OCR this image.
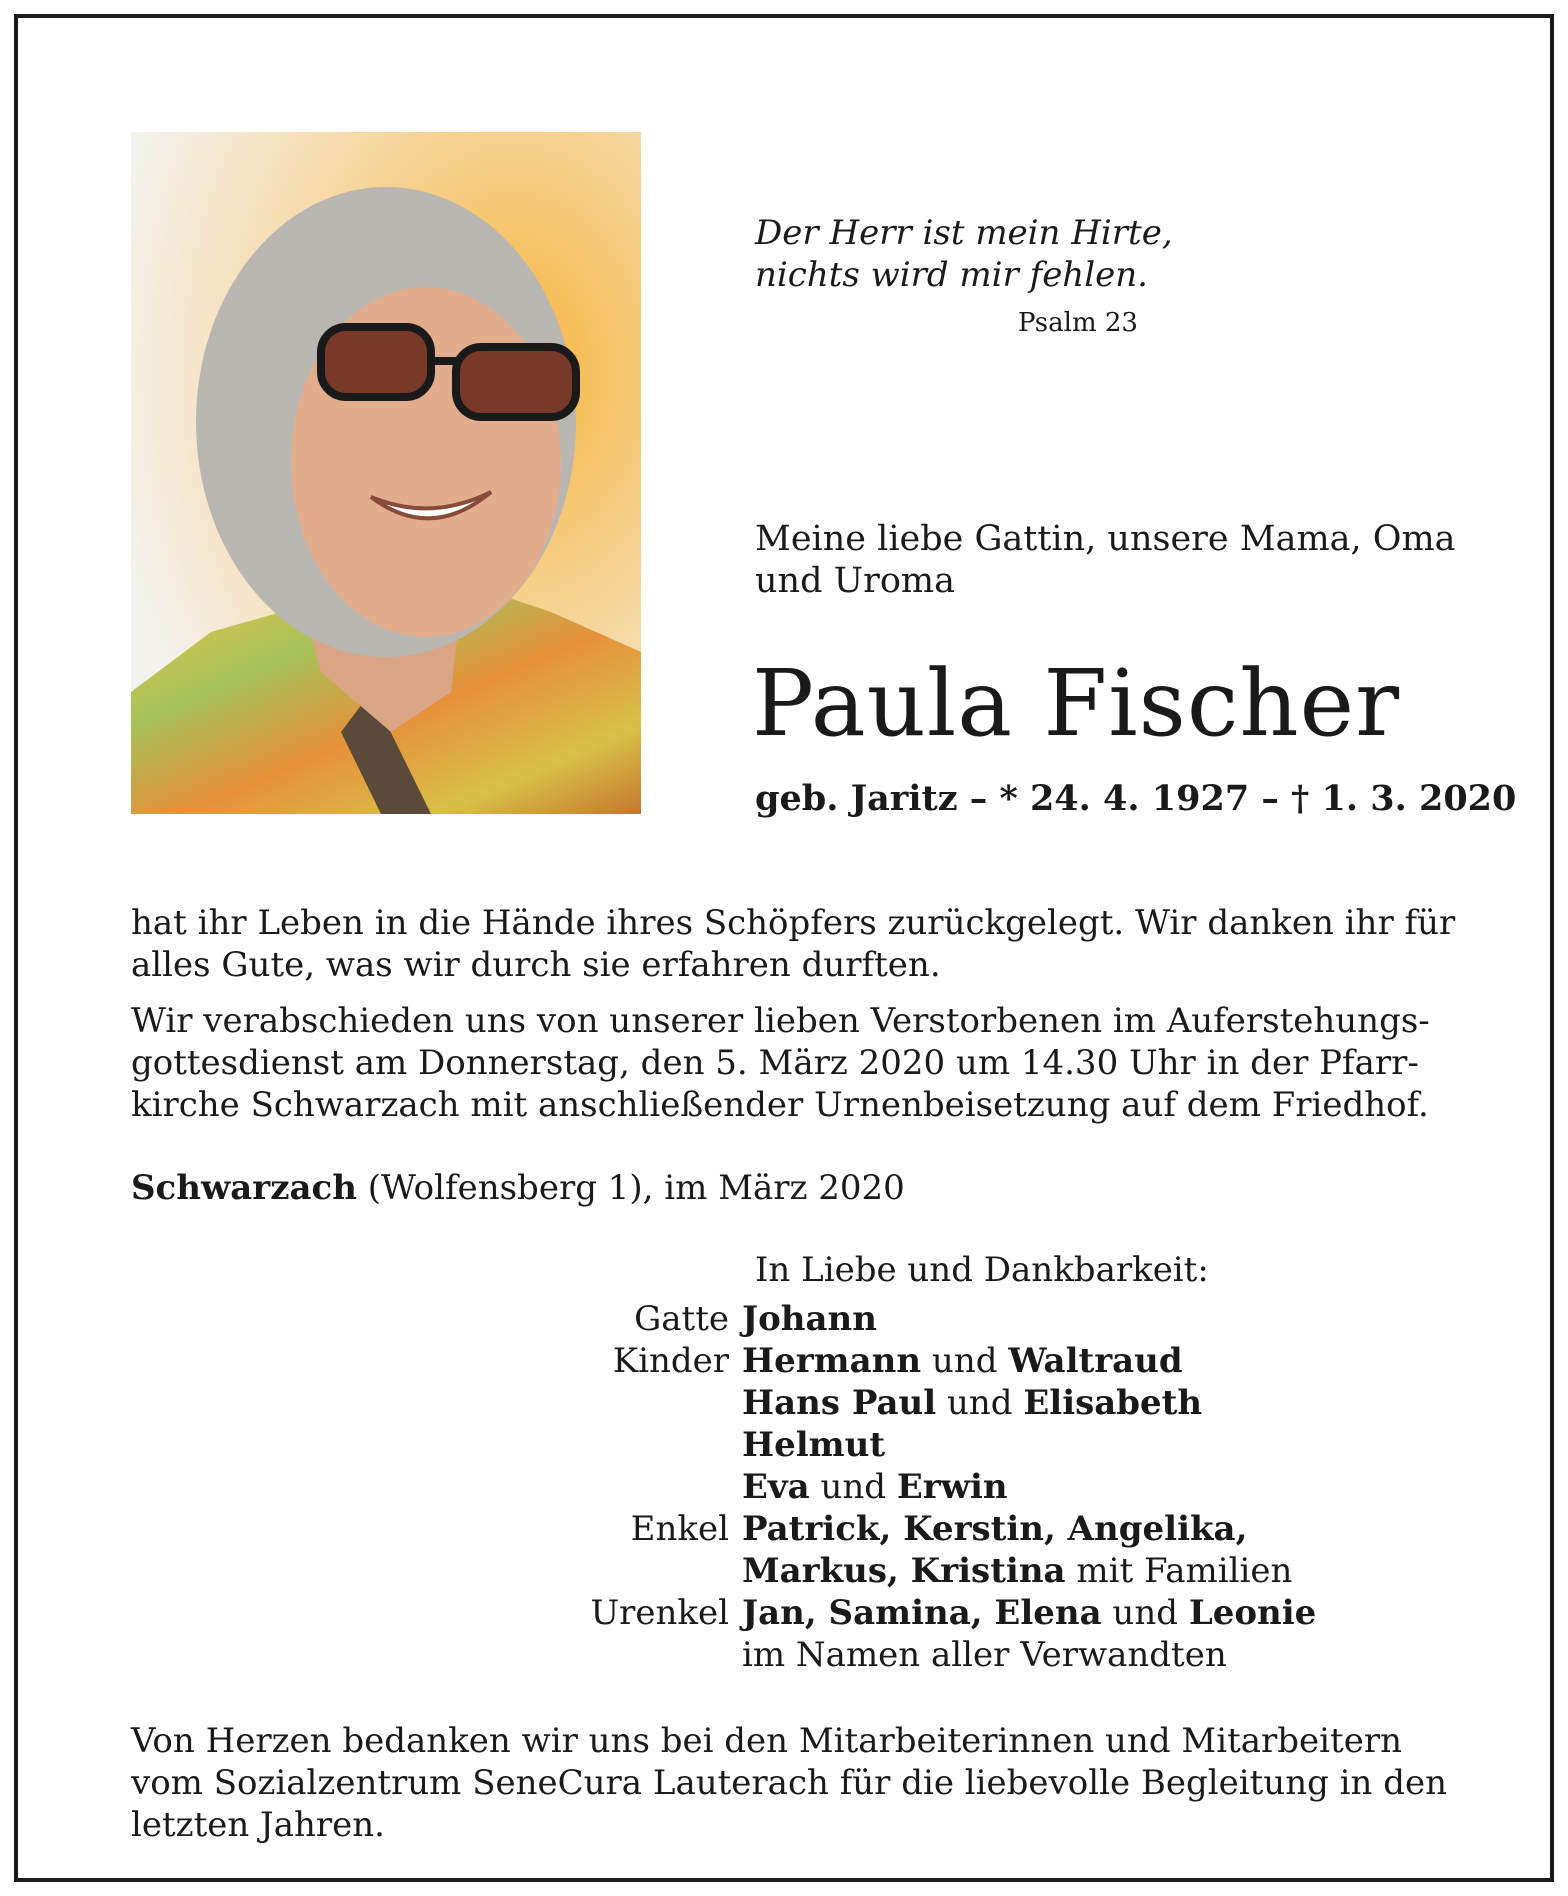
Der Herr ist mein Hirte,
nichts wird mir fehlen.
Psalm 23
Meine liebe Gattin, unsere Mama, Oma
und Uroma
Paula Fischer
geb. Jaritz – * 24. 4. 1927 – † 1. 3. 2020
hat ihr Leben in die Hände ihres Schöpfers zurückgelegt. Wir danken ihr für
alles Gute, was wir durch sie erfahren durften.
Wir verabschieden uns von unserer lieben Verstorbenen im Auferstehungs-
gottesdienst am Donnerstag, den 5. März 2020 um 14.30 Uhr in der Pfarr-
kirche Schwarzach mit anschließender Urnenbeisetzung auf dem Friedhof.
Schwarzach (Wolfensberg 1), im März 2020
In Liebe und Dankbarkeit:
Gatte Johann
Kinder Hermann und Waltraud
Hans Paul und Elisabeth
Helmut
Eva und Erwin
Enkel Patrick, Kerstin, Angelika,
Markus, Kristina mit Familien
Urenkel Jan, Samina, Elena und Leonie
im Namen aller Verwandten
Von Herzen bedanken wir uns bei den Mitarbeiterinnen und Mitarbeitern
vom Sozialzentrum SeneCura Lauterach für die liebevolle Begleitung in den
letzten Jahren.
